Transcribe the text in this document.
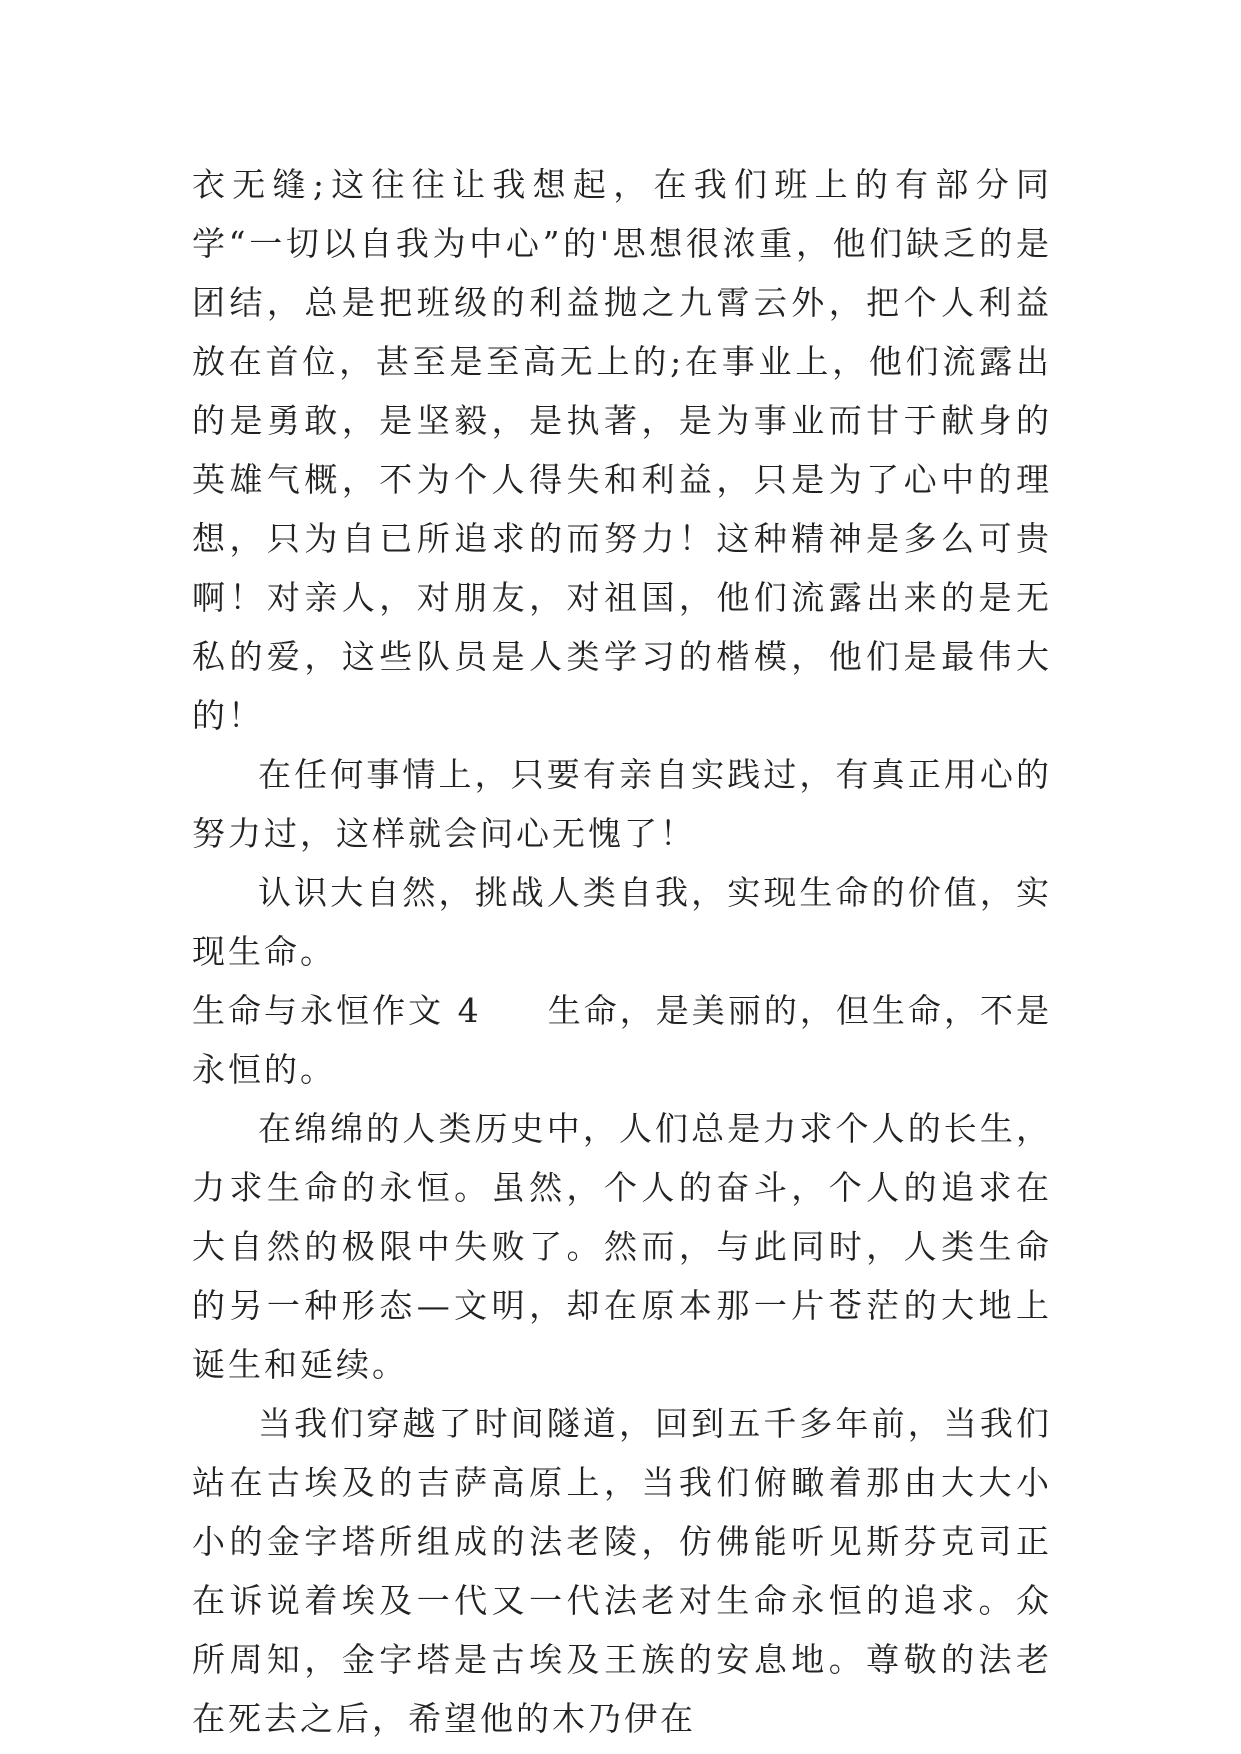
衣无缝;这往往让我想起，在我们班上的有部分同学“一切以自我为中心”的'思想很浓重，他们缺乏的是团结，总是把班级的利益抛之九霄云外，把个人利益放在首位，甚至是至高无上的;在事业上，他们流露出的是勇敢，是坚毅，是执著，是为事业而甘于献身的英雄气概，不为个人得失和利益，只是为了心中的理想，只为自已所追求的而努力！这种精神是多么可贵啊！对亲人，对朋友，对祖国，他们流露出来的是无私的爱，这些队员是人类学习的楷模，他们是最伟大的！

在任何事情上，只要有亲自实践过，有真正用心的努力过，这样就会问心无愧了！

认识大自然，挑战人类自我，实现生命的价值，实现生命。

生命与永恒作文 4 生命，是美丽的，但生命，不是永恒的。

在绵绵的人类历史中，人们总是力求个人的长生，力求生命的永恒。虽然，个人的奋斗，个人的追求在大自然的极限中失败了。然而，与此同时，人类生命的另一种形态—文明，却在原本那一片苍茫的大地上诞生和延续。

当我们穿越了时间隧道，回到五千多年前，当我们站在古埃及的吉萨高原上，当我们俯瞰着那由大大小小的金字塔所组成的法老陵，仿佛能听见斯芬克司正在诉说着埃及一代又一代法老对生命永恒的追求。众所周知，金字塔是古埃及王族的安息地。尊敬的法老在死去之后，希望他的木乃伊在
